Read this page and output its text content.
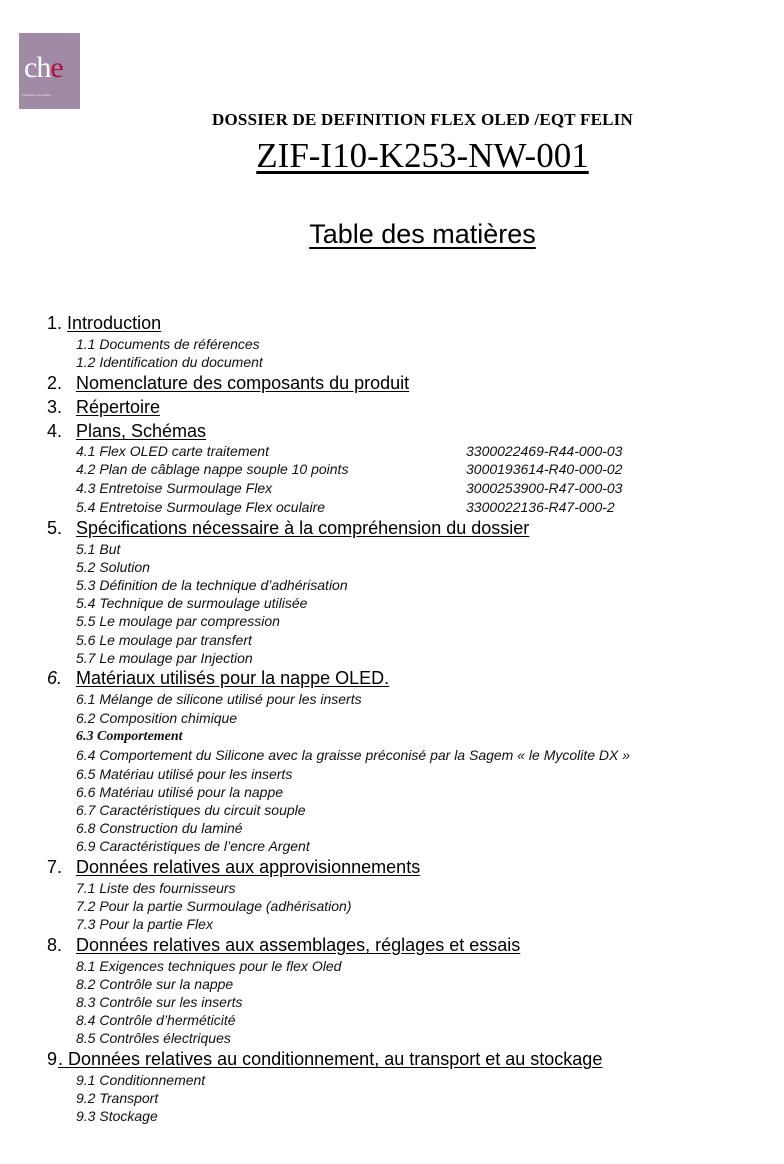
che
l'industrie composites
DOSSIER DE DEFINITION FLEX OLED /EQT FELIN
ZIF-I10-K253-NW-001
Table des matières
1. Introduction
1.1 Documents de références
1.2 Identification du document
2. Nomenclature des composants du produit
3. Répertoire
4. Plans, Schémas
4.1 Flex OLED carte traitement	3300022469-R44-000-03
4.2 Plan de câblage nappe souple 10 points	3000193614-R40-000-02
4.3 Entretoise Surmoulage Flex	3000253900-R47-000-03
5.4 Entretoise Surmoulage Flex oculaire	3300022136-R47-000-2
5. Spécifications nécessaire à la compréhension du dossier
5.1 But
5.2 Solution
5.3 Définition de la technique d’adhérisation
5.4 Technique de surmoulage utilisée
5.5 Le moulage par compression
5.6 Le moulage par transfert
5.7 Le moulage par Injection
6. Matériaux utilisés pour la nappe OLED.
6.1 Mélange de silicone utilisé pour les inserts
6.2 Composition chimique
6.3 Comportement
6.4 Comportement du Silicone avec la graisse préconisé par la Sagem « le Mycolite DX »
6.5 Matériau utilisé pour les inserts
6.6 Matériau utilisé pour la nappe
6.7 Caractéristiques du circuit souple
6.8 Construction du laminé
6.9 Caractéristiques de l’encre Argent
7. Données relatives aux approvisionnements
7.1 Liste des fournisseurs
7.2 Pour la partie Surmoulage (adhérisation)
7.3 Pour la partie Flex
8. Données relatives aux assemblages, réglages et essais
8.1 Exigences techniques pour le flex Oled
8.2 Contrôle sur la nappe
8.3 Contrôle sur les inserts
8.4 Contrôle d’herméticité
8.5 Contrôles électriques
9 . Données relatives au conditionnement, au transport et au stockage
9.1 Conditionnement
9.2 Transport
9.3 Stockage
